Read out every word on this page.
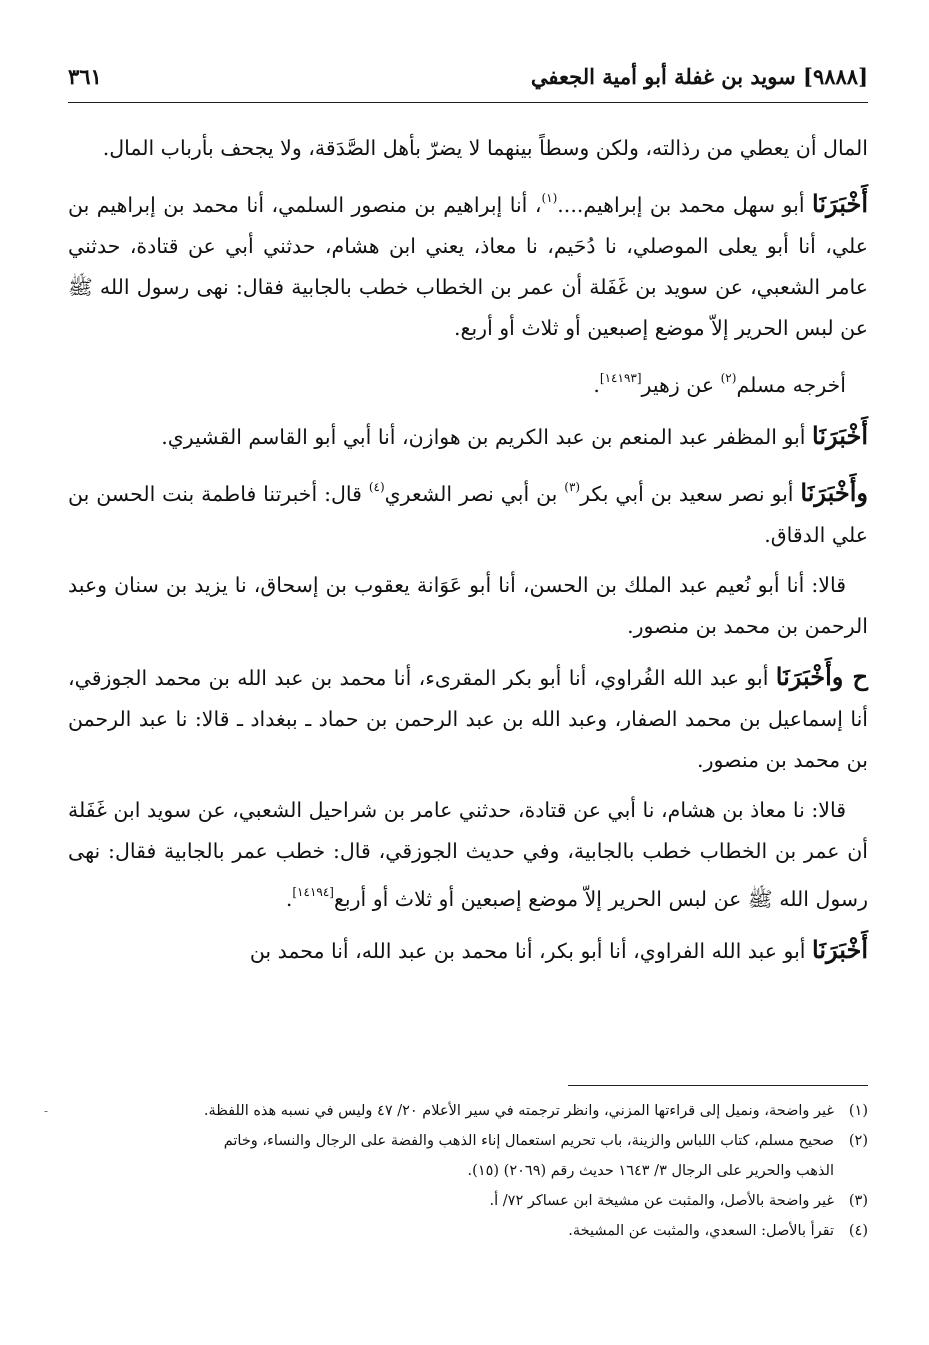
[٩٨٨٨] سويد بن غفلة أبو أمية الجعفي
٣٦١

المال أن يعطي من رذالته، ولكن وسطاً بينهما لا يضرّ بأهل الصَّدَقة، ولا يجحف بأرباب المال.

أَخْبَرَنَا أبو سهل محمد بن إبراهيم....$^{(١)}$، أنا إبراهيم بن منصور السلمي، أنا محمد بن إبراهيم بن علي، أنا أبو يعلى الموصلي، نا دُحَيم، نا معاذ، يعني ابن هشام، حدثني أبي عن قتادة، حدثني عامر الشعبي، عن سويد بن غَفَلة أن عمر بن الخطاب خطب بالجابية فقال: نهى رسول الله ﷺ عن لبس الحرير إلاّ موضع إصبعين أو ثلاث أو أربع.

أخرجه مسلم$^{(٢)}$ عن زهير[١٤١٩٣].

أَخْبَرَنَا أبو المظفر عبد المنعم بن عبد الكريم بن هوازن، أنا أبي أبو القاسم القشيري.

وأَخْبَرَنَا أبو نصر سعيد بن أبي بكر$^{(٣)}$ بن أبي نصر الشعري$^{(٤)}$ قال: أخبرتنا فاطمة بنت الحسن بن علي الدقاق.

قالا: أنا أبو نُعيم عبد الملك بن الحسن، أنا أبو عَوَانة يعقوب بن إسحاق، نا يزيد بن سنان وعبد الرحمن بن محمد بن منصور.

ح وأَخْبَرَنَا أبو عبد الله الفُراوي، أنا أبو بكر المقرىء، أنا محمد بن عبد الله بن محمد الجوزقي، أنا إسماعيل بن محمد الصفار، وعبد الله بن عبد الرحمن بن حماد ـ ببغداد ـ قالا: نا عبد الرحمن بن محمد بن منصور.

قالا: نا معاذ بن هشام، نا أبي عن قتادة، حدثني عامر بن شراحيل الشعبي، عن سويد ابن غَفَلة أن عمر بن الخطاب خطب بالجابية، وفي حديث الجوزقي، قال: خطب عمر بالجابية فقال: نهى رسول الله ﷺ عن لبس الحرير إلاّ موضع إصبعين أو ثلاث أو أربع[١٤١٩٤].

أَخْبَرَنَا أبو عبد الله الفراوي، أنا أبو بكر، أنا محمد بن عبد الله، أنا محمد بن

(١)غير واضحة، ونميل إلى قراءتها المزني، وانظر ترجمته في سير الأعلام ٢٠/ ٤٧ وليس في نسبه هذه اللفظة.

(٢)صحيح مسلم، كتاب اللباس والزينة، باب تحريم استعمال إناء الذهب والفضة على الرجال والنساء، وخاتم

الذهب والحرير على الرجال ٣/ ١٦٤٣ حديث رقم (٢٠٦٩) (١٥).

(٣)غير واضحة بالأصل، والمثبت عن مشيخة ابن عساكر ٧٢/ أ.

(٤)تقرأ بالأصل: السعدي، والمثبت عن المشيخة.

-
